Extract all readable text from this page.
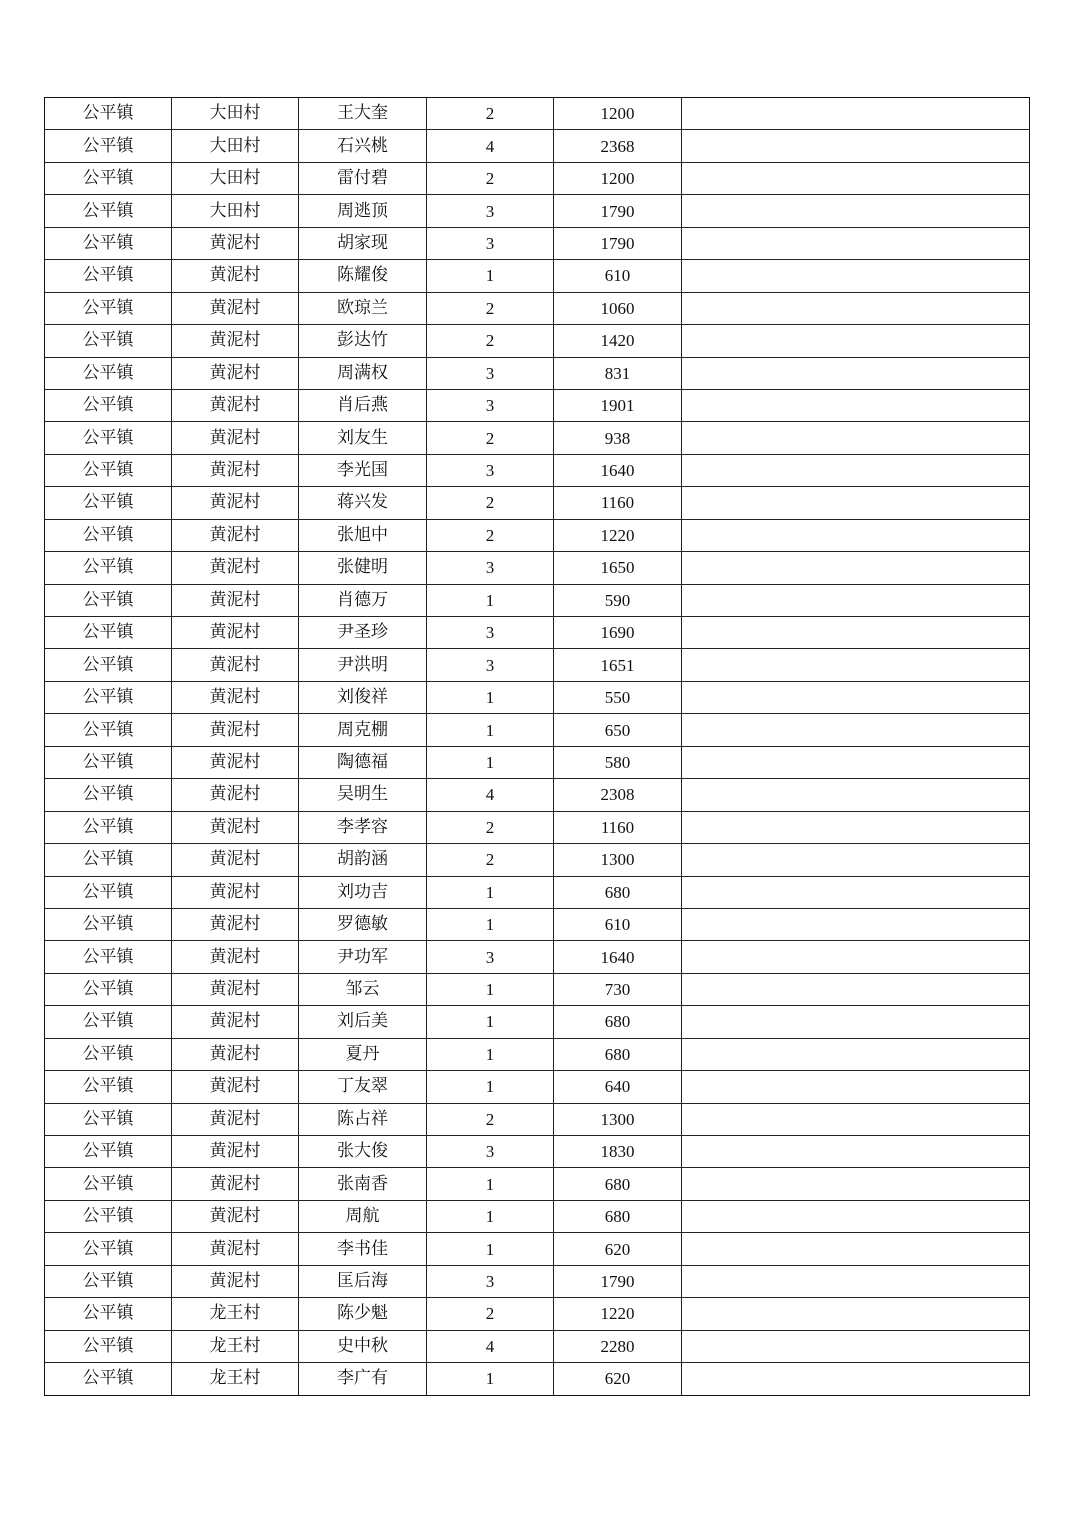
公平镇	大田村	王大奎	2	1200	
公平镇	大田村	石兴桃	4	2368	
公平镇	大田村	雷付碧	2	1200	
公平镇	大田村	周逃顶	3	1790	
公平镇	黄泥村	胡家现	3	1790	
公平镇	黄泥村	陈耀俊	1	610	
公平镇	黄泥村	欧琼兰	2	1060	
公平镇	黄泥村	彭达竹	2	1420	
公平镇	黄泥村	周满权	3	831	
公平镇	黄泥村	肖后燕	3	1901	
公平镇	黄泥村	刘友生	2	938	
公平镇	黄泥村	李光国	3	1640	
公平镇	黄泥村	蒋兴发	2	1160	
公平镇	黄泥村	张旭中	2	1220	
公平镇	黄泥村	张健明	3	1650	
公平镇	黄泥村	肖德万	1	590	
公平镇	黄泥村	尹圣珍	3	1690	
公平镇	黄泥村	尹洪明	3	1651	
公平镇	黄泥村	刘俊祥	1	550	
公平镇	黄泥村	周克棚	1	650	
公平镇	黄泥村	陶德福	1	580	
公平镇	黄泥村	吴明生	4	2308	
公平镇	黄泥村	李孝容	2	1160	
公平镇	黄泥村	胡韵涵	2	1300	
公平镇	黄泥村	刘功吉	1	680	
公平镇	黄泥村	罗德敏	1	610	
公平镇	黄泥村	尹功军	3	1640	
公平镇	黄泥村	邹云	1	730	
公平镇	黄泥村	刘后美	1	680	
公平镇	黄泥村	夏丹	1	680	
公平镇	黄泥村	丁友翠	1	640	
公平镇	黄泥村	陈占祥	2	1300	
公平镇	黄泥村	张大俊	3	1830	
公平镇	黄泥村	张南香	1	680	
公平镇	黄泥村	周航	1	680	
公平镇	黄泥村	李书佳	1	620	
公平镇	黄泥村	匡后海	3	1790	
公平镇	龙王村	陈少魁	2	1220	
公平镇	龙王村	史中秋	4	2280	
公平镇	龙王村	李广有	1	620	
